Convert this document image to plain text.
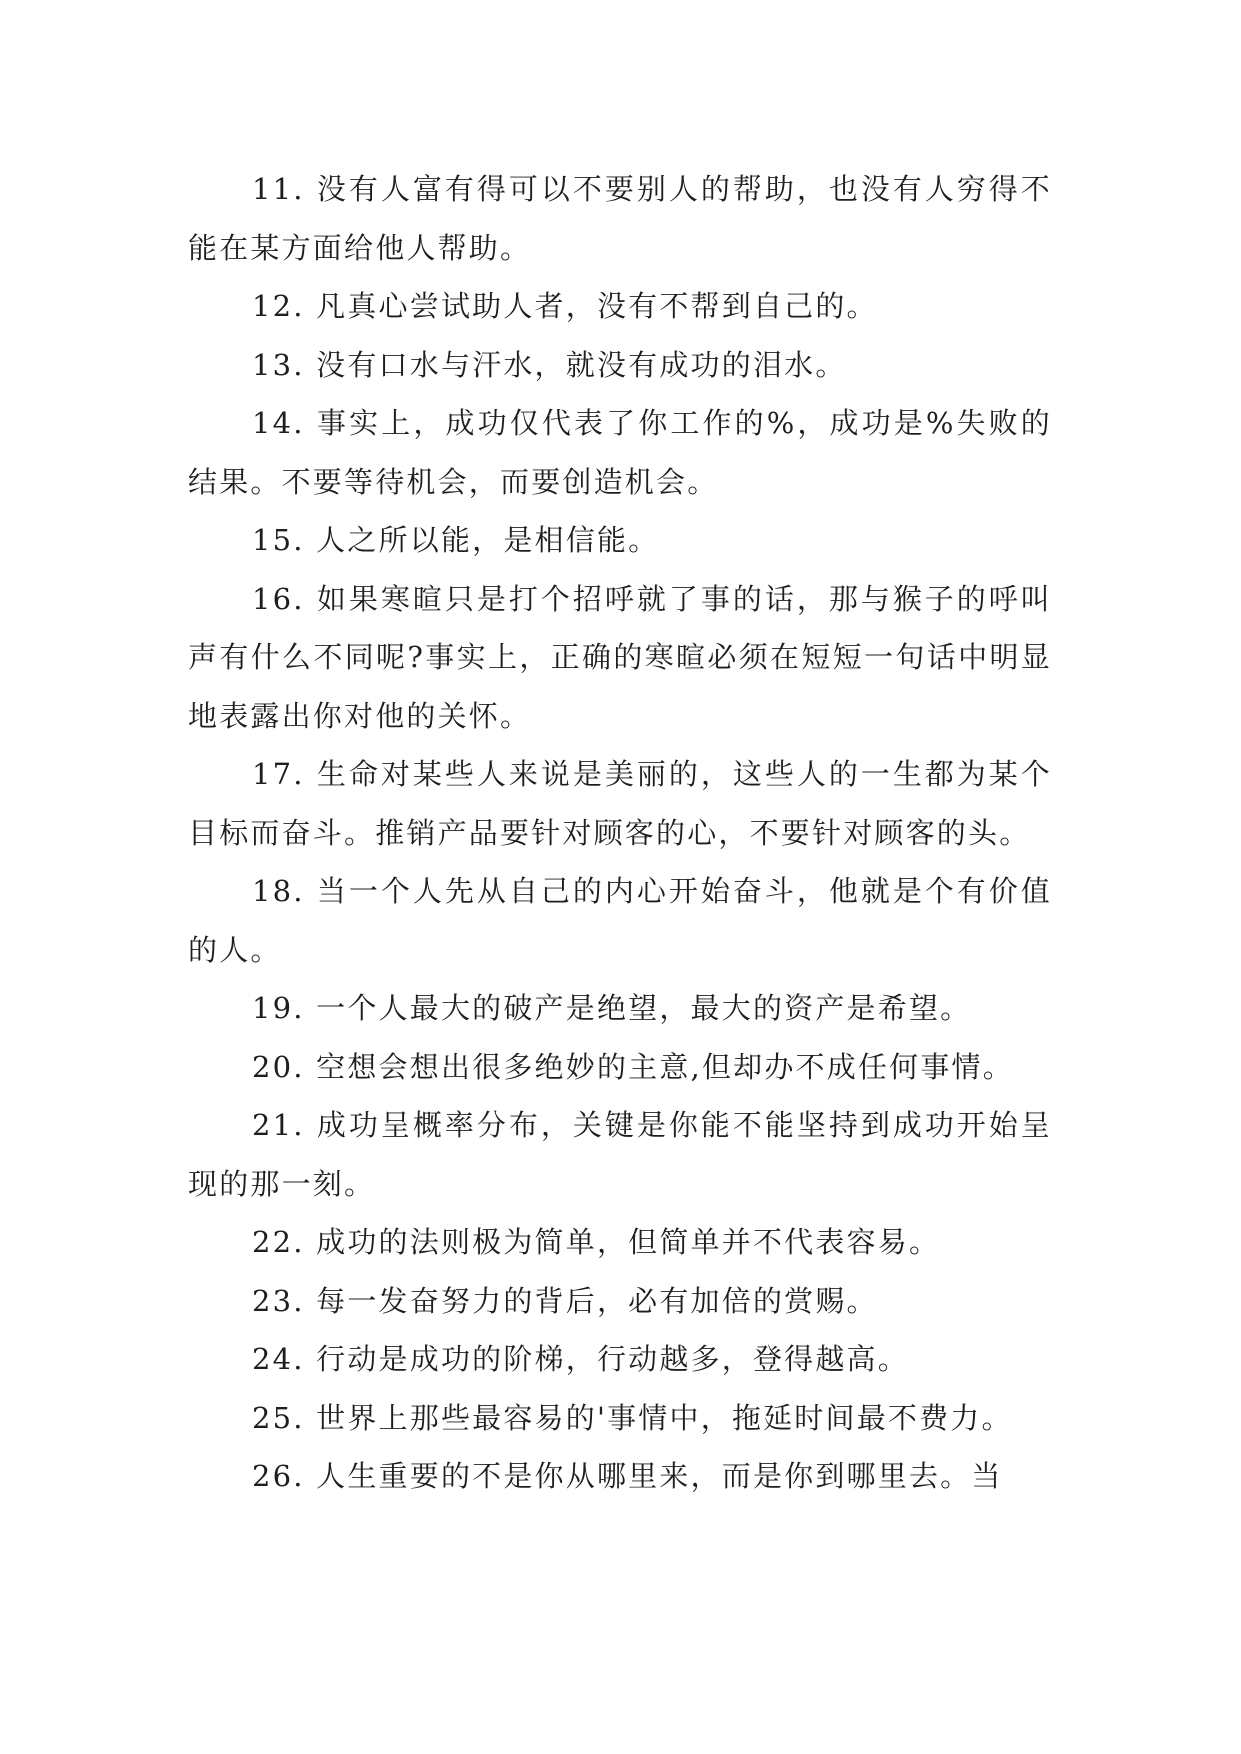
11. 没有人富有得可以不要别人的帮助，也没有人穷得不能在某方面给他人帮助。

12. 凡真心尝试助人者，没有不帮到自己的。

13. 没有口水与汗水，就没有成功的泪水。

14. 事实上，成功仅代表了你工作的%，成功是%失败的结果。不要等待机会，而要创造机会。

15. 人之所以能，是相信能。

16. 如果寒暄只是打个招呼就了事的话，那与猴子的呼叫声有什么不同呢?事实上，正确的寒暄必须在短短一句话中明显地表露出你对他的关怀。

17. 生命对某些人来说是美丽的，这些人的一生都为某个目标而奋斗。推销产品要针对顾客的心，不要针对顾客的头。

18. 当一个人先从自己的内心开始奋斗，他就是个有价值的人。

19. 一个人最大的破产是绝望，最大的资产是希望。

20. 空想会想出很多绝妙的主意,但却办不成任何事情。

21. 成功呈概率分布，关键是你能不能坚持到成功开始呈现的那一刻。

22. 成功的法则极为简单，但简单并不代表容易。

23. 每一发奋努力的背后，必有加倍的赏赐。

24. 行动是成功的阶梯，行动越多，登得越高。

25. 世界上那些最容易的'事情中，拖延时间最不费力。

26. 人生重要的不是你从哪里来，而是你到哪里去。当
